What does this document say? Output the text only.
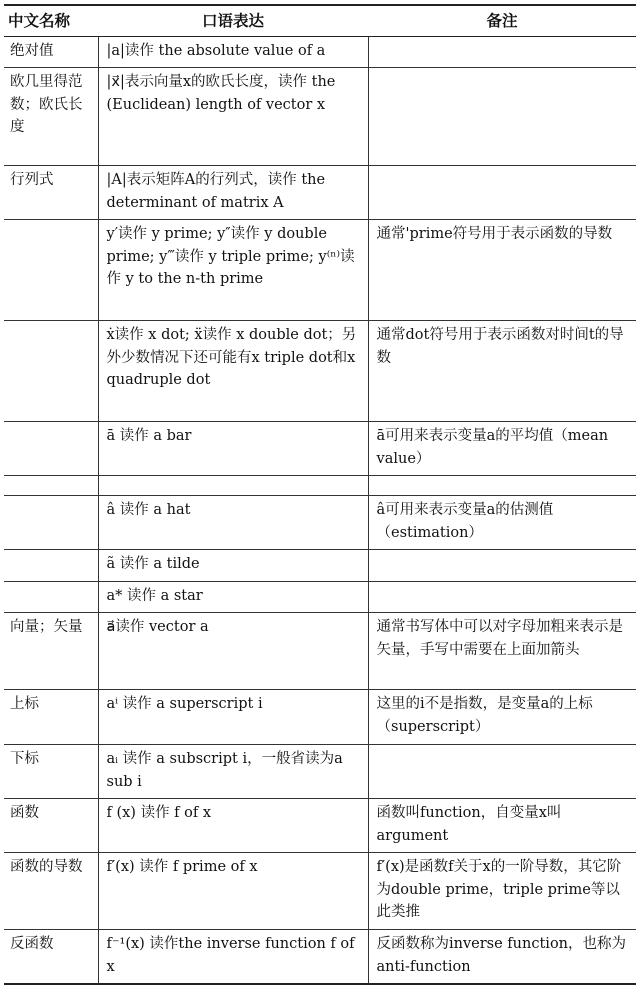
中文名称	口语表达	备注
绝对值	|a|读作 the absolute value of a	
欧几里得范数；欧氏长度	|x⃗|表示向量x的欧氏长度，读作 the (Euclidean) length of vector x	
行列式	|A|表示矩阵A的行列式，读作 the determinant of matrix A	
	y′读作 y prime; y″读作 y double prime; y‴读作 y triple prime; y⁽ⁿ⁾读作 y to the n-th prime	通常'prime符号用于表示函数的导数
	ẋ读作 x dot; ẍ读作 x double dot；另外少数情况下还可能有x triple dot和x quadruple dot	通常dot符号用于表示函数对时间t的导数
	ā 读作 a bar	ā可用来表示变量a的平均值（mean value）

	â 读作 a hat	â可用来表示变量a的估测值（estimation）
	ã 读作 a tilde	
	a* 读作 a star	
向量；矢量	a⃗读作 vector a	通常书写体中可以对字母加粗来表示是矢量，手写中需要在上面加箭头
上标	aⁱ 读作 a superscript i	这里的i不是指数，是变量a的上标（superscript）
下标	aᵢ 读作 a subscript i，一般省读为a sub i	
函数	f (x) 读作 f of x	函数叫function，自变量x叫argument
函数的导数	f′(x) 读作 f prime of x	f′(x)是函数f关于x的一阶导数，其它阶为double prime，triple prime等以此类推
反函数	f⁻¹(x) 读作the inverse function f of x	反函数称为inverse function，也称为anti-function
